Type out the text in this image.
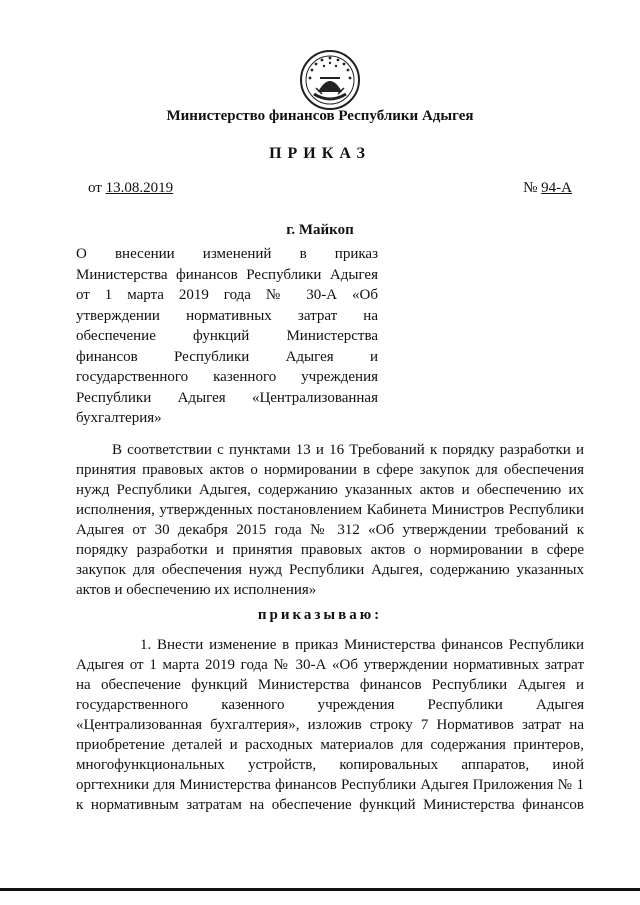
Министерство финансов Республики Адыгея
ПРИКАЗ
от 13.08.2019	№ 94-А
г. Майкоп
О внесении изменений в приказ
Министерства финансов Республики Адыгея
от 1 марта 2019 года № 30-А «Об
утверждении нормативных затрат на
обеспечение функций Министерства
финансов Республики Адыгея и
государственного казенного учреждения
Республики Адыгея «Централизованная
бухгалтерия»
В соответствии с пунктами 13 и 16 Требований к порядку разработки и
принятия правовых актов о нормировании в сфере закупок для обеспечения
нужд Республики Адыгея, содержанию указанных актов и обеспечению их
исполнения, утвержденных постановлением Кабинета Министров Республики
Адыгея от 30 декабря 2015 года № 312 «Об утверждении требований к
порядку разработки и принятия правовых актов о нормировании в сфере
закупок для обеспечения нужд Республики Адыгея, содержанию указанных
актов и обеспечению их исполнения»
приказываю:
1. Внести изменение в приказ Министерства финансов Республики
Адыгея от 1 марта 2019 года № 30-А «Об утверждении нормативных затрат
на обеспечение функций Министерства финансов Республики Адыгея и
государственного казенного учреждения Республики Адыгея
«Централизованная бухгалтерия», изложив строку 7 Нормативов затрат на
приобретение деталей и расходных материалов для содержания принтеров,
многофункциональных устройств, копировальных аппаратов, иной
оргтехники для Министерства финансов Республики Адыгея Приложения № 1
к нормативным затратам на обеспечение функций Министерства финансов
